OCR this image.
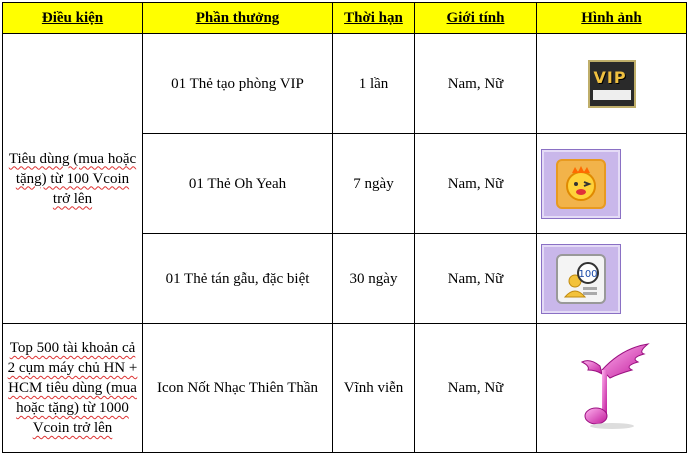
Điều kiện	Phần thưởng	Thời hạn	Giới tính	Hình ảnh
Tiêu dùng (mua hoặc tặng) từ 100 Vcoin trở lên	01 Thẻ tạo phòng VIP	1 lần	Nam, Nữ	VIP

	01 Thẻ Oh Yeah	7 ngày	Nam, Nữ	

	01 Thẻ tán gẫu, đặc biệt	30 ngày	Nam, Nữ	100

Top 500 tài khoản cả 2 cụm máy chủ HN + HCM tiêu dùng (mua hoặc tặng) từ 1000 Vcoin trở lên	Icon Nốt Nhạc Thiên Thần	Vĩnh viễn	Nam, Nữ	
